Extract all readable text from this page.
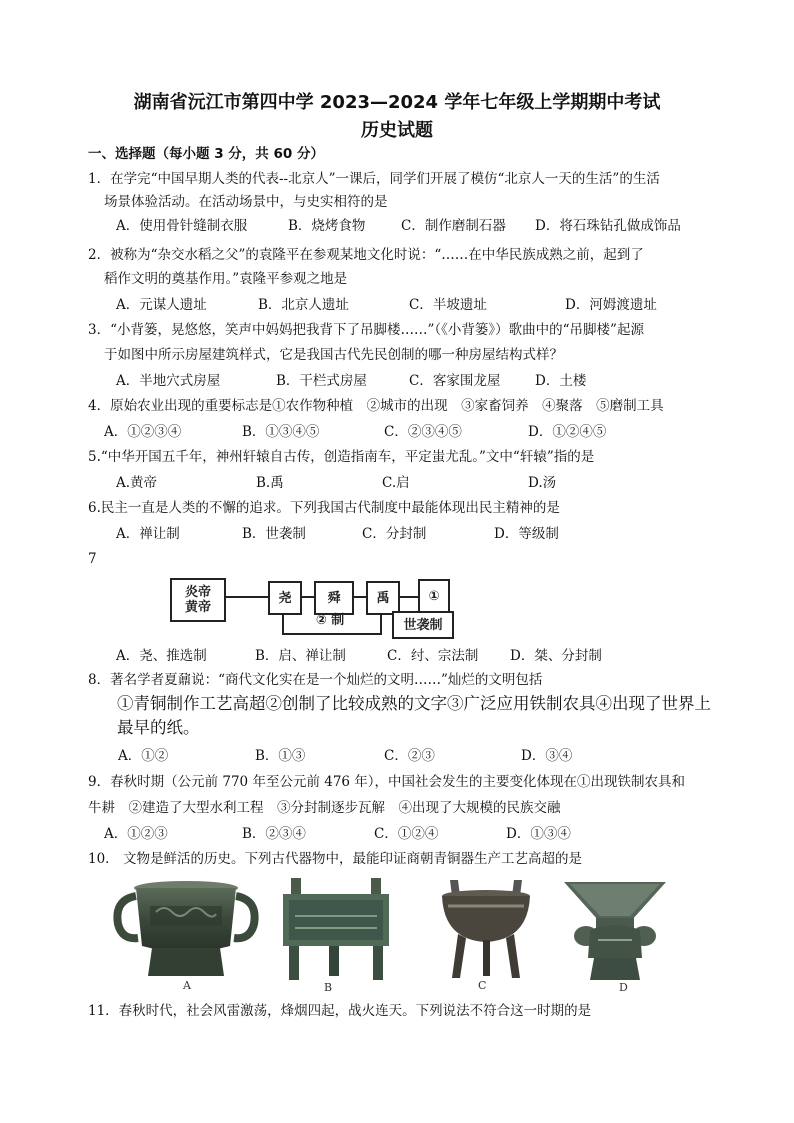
湖南省沅江市第四中学 2023—2024 学年七年级上学期期中考试
历史试题
一、选择题（每小题 3 分，共 60 分）
1．在学完“中国早期人类的代表--北京人”一课后，同学们开展了模仿“北京人一天的生活”的生活
场景体验活动。在活动场景中，与史实相符的是
A．使用骨针缝制衣服	B．烧烤食物	C．制作磨制石器 D．将石珠钻孔做成饰品
2．被称为“杂交水稻之父”的袁隆平在参观某地文化时说：“……在中华民族成熟之前，起到了
稻作文明的奠基作用。”袁隆平参观之地是
A．元谋人遗址	B．北京人遗址	C．半坡遗址	D．河姆渡遗址
3．“小背篓，晃悠悠，笑声中妈妈把我背下了吊脚楼……”（《小背篓》）歌曲中的“吊脚楼”起源
于如图中所示房屋建筑样式，它是我国古代先民创制的哪一种房屋结构式样？
A．半地穴式房屋	B．干栏式房屋	C．客家围龙屋	D．土楼
4．原始农业出现的重要标志是①农作物种植　②城市的出现　③家畜饲养　④聚落　⑤磨制工具
A．①②③④	B．①③④⑤	C．②③④⑤	D．①②④⑤
5.“中华开国五千年，神州轩辕自古传，创造指南车，平定蚩尤乱。”文中“轩辕”指的是
A.黄帝	B.禹	C.启	D.汤
6.民主一直是人类的不懈的追求。下列我国古代制度中最能体现出民主精神的是
A．禅让制	B．世袭制	C．分封制	D．等级制
7
炎帝
黄帝
尧	舜	禹	①
② 制	世袭制
A．尧、推选制	B．启、禅让制	C．纣、宗法制 D．桀、分封制
8．著名学者夏鼐说：“商代文化实在是一个灿烂的文明……”灿烂的文明包括
①青铜制作工艺高超②创制了比较成熟的文字③广泛应用铁制农具④出现了世界上
最早的纸。
A．①②	B．①③	C．②③	D．③④
9．春秋时期（公元前 770 年至公元前 476 年），中国社会发生的主要变化体现在①出现铁制农具和
牛耕　②建造了大型水利工程　③分封制逐步瓦解　④出现了大规模的民族交融
A．①②③	B．②③④	C．①②④	D．①③④
10． 文物是鲜活的历史。下列古代器物中，最能印证商朝青铜器生产工艺高超的是
A	B	C	D
11．春秋时代，社会风雷激荡，烽烟四起，战火连天。下列说法不符合这一时期的是
